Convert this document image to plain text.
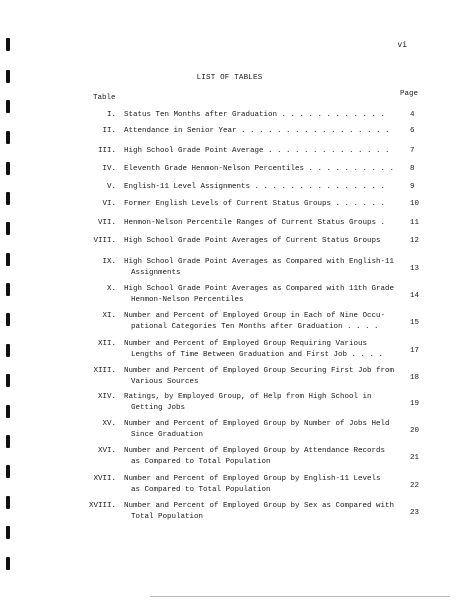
vi
LIST OF TABLES
Table	Page
I. Status Ten Months after Graduation . . . . . . . . . . . .	4
II. Attendance in Senior Year . . . . . . . . . . . . . . . . .	6
III. High School Grade Point Average . . . . . . . . . . . . . .	7
IV. Eleventh Grade Henmon-Nelson Percentiles . . . . . . . . . . 8
V. English-11 Level Assignments . . . . . . . . . . . . . . .	9
VI. Former English Levels of Current Status Groups . . . . . .	10
VII. Henmon-Nelson Percentile Ranges of Current Status Groups .	11
VIII. High School Grade Point Averages of Current Status Groups	12
IX. High School Grade Point Averages as Compared with English-11
Assignments	13
X. High School Grade Point Averages as Compared with 11th Grade
Henmon-Nelson Percentiles	14
XI. Number and Percent of Employed Group in Each of Nine Occu-
pational Categories Ten Months after Graduation . . . .	15
XII. Number and Percent of Employed Group Requiring Various
Lengths of Time Between Graduation and First Job . . . .	17
XIII. Number and Percent of Employed Group Securing First Job from
Various Sources	18
XIV. Ratings, by Employed Group, of Help from High School in
Getting Jobs	19
XV. Number and Percent of Employed Group by Number of Jobs Held
Since Graduation	20
XVI. Number and Percent of Employed Group by Attendance Records
as Compared to Total Population	21
XVII. Number and Percent of Employed Group by English-11 Levels
as Compared to Total Population	22
XVIII. Number and Percent of Employed Group by Sex as Compared with
Total Population	23
